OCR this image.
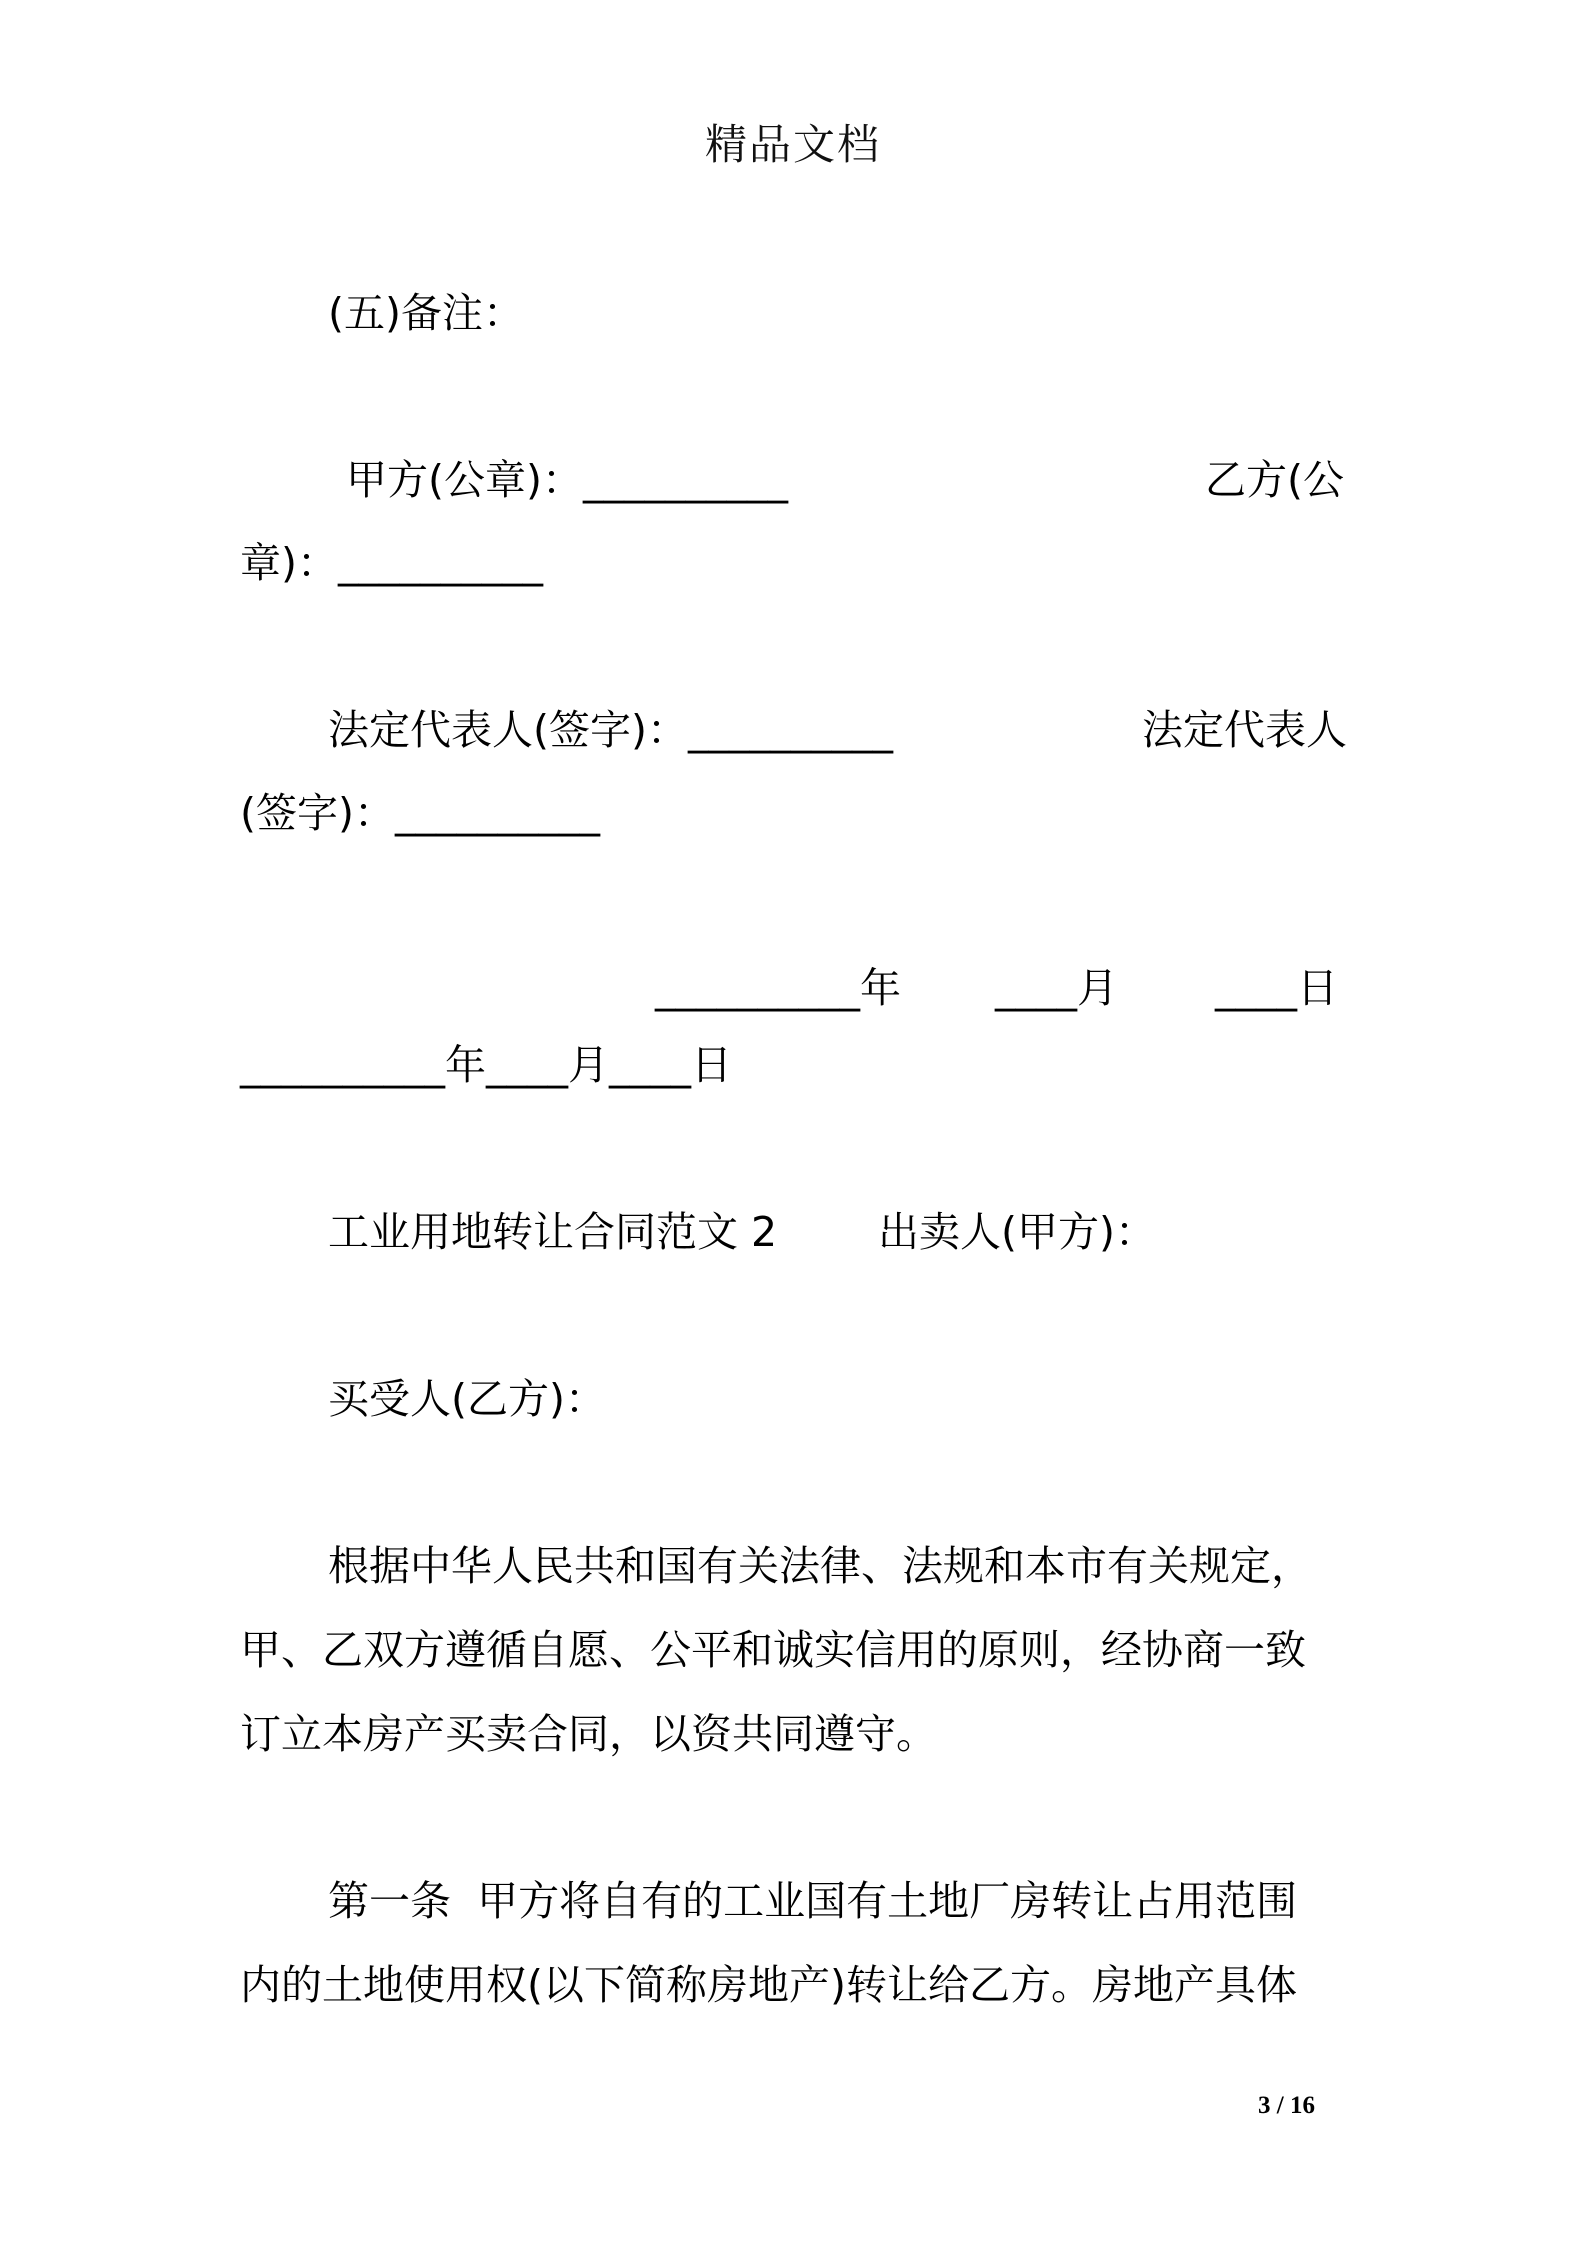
精品文档
(五)备注：
甲方(公章)：__________	乙方(公
章)：__________
法定代表人(签字)：__________	法定代表人
(签字)：__________
__________年 ____月 ____日
__________年____月____日
工业用地转让合同范文 2 出卖人(甲方)：
买受人(乙方)：
根据中华人民共和国有关法律、法规和本市有关规定，
甲、乙双方遵循自愿、公平和诚实信用的原则，经协商一致
订立本房产买卖合同，以资共同遵守。
第一条  甲方将自有的工业国有土地厂房转让占用范围
内的土地使用权(以下简称房地产)转让给乙方。房地产具体
3 / 16
